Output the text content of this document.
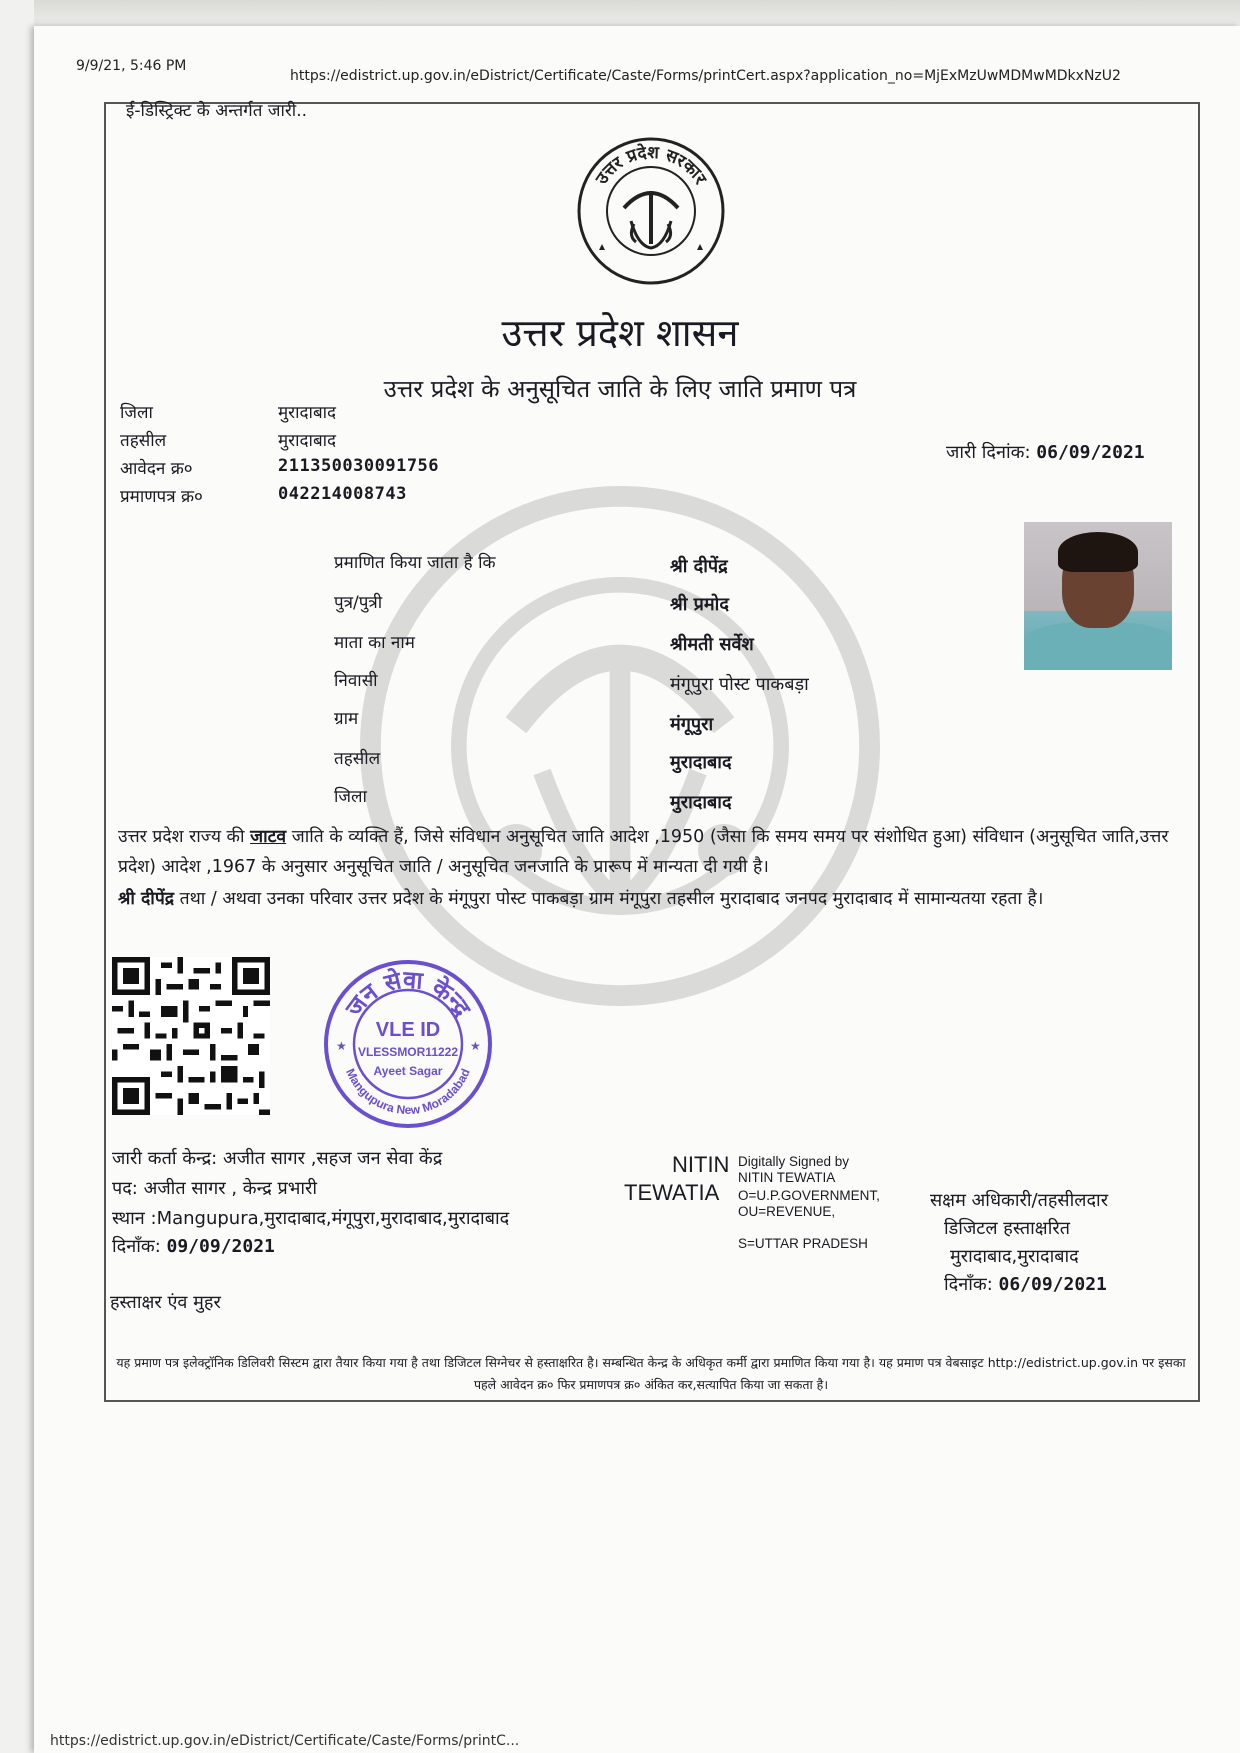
9/9/21, 5:46 PM
https://edistrict.up.gov.in/eDistrict/Certificate/Caste/Forms/printCert.aspx?application_no=MjExMzUwMDMwMDkxNzU2
ई-डिस्ट्रिक्ट के अन्तर्गत जारी..
उत्तर प्रदेश सरकार
उत्तर प्रदेश शासन
उत्तर प्रदेश के अनुसूचित जाति के लिए जाति प्रमाण पत्र
जिला	मुरादाबाद
तहसील	मुरादाबाद
आवेदन क्र०	211350030091756
प्रमाणपत्र क्र०	042214008743
जारी दिनांक: 06/09/2021
प्रमाणित किया जाता है कि	श्री दीपेंद्र
पुत्र/पुत्री	श्री प्रमोद
माता का नाम	श्रीमती सर्वेश
निवासी	मंगूपुरा पोस्ट पाकबड़ा
ग्राम	मंगूपुरा
तहसील	मुरादाबाद
जिला	मुरादाबाद
उत्तर प्रदेश राज्य की जाटव जाति के व्यक्ति हैं, जिसे संविधान अनुसूचित जाति आदेश ,1950 (जैसा कि समय समय पर संशोधित हुआ) संविधान (अनुसूचित जाति,उत्तर प्रदेश) आदेश ,1967 के अनुसार अनुसूचित जाति / अनुसूचित जनजाति के प्रारूप में मान्यता दी गयी है।
श्री दीपेंद्र तथा / अथवा उनका परिवार उत्तर प्रदेश के मंगूपुरा पोस्ट पाकबड़ा ग्राम मंगूपुरा तहसील मुरादाबाद जनपद मुरादाबाद में सामान्यतया रहता है।
जन सेवा केन्द्र
Mangupura New Moradabad
VLE ID
VLESSMOR11222
Ayeet Sagar
★	★
जारी कर्ता केन्द्र: अजीत सागर ,सहज जन सेवा केंद्र
पद: अजीत सागर , केन्द्र प्रभारी
स्थान :Mangupura,मुरादाबाद,मंगूपुरा,मुरादाबाद,मुरादाबाद
दिनाँक: 09/09/2021
NITIN
TEWATIA
Digitally Signed by
NITIN TEWATIA
O=U.P.GOVERNMENT,
OU=REVENUE,
S=UTTAR PRADESH
सक्षम अधिकारी/तहसीलदार
डिजिटल हस्ताक्षरित
मुरादाबाद,मुरादाबाद
दिनाँक: 06/09/2021
हस्ताक्षर एंव मुहर
यह प्रमाण पत्र इलेक्ट्रॉनिक डिलिवरी सिस्टम द्वारा तैयार किया गया है तथा डिजिटल सिग्नेचर से हस्ताक्षरित है। सम्बन्धित केन्द्र के अधिकृत कर्मी द्वारा प्रमाणित किया गया है। यह प्रमाण पत्र वेबसाइट http://edistrict.up.gov.in पर इसका पहले आवेदन क्र० फिर प्रमाणपत्र क्र० अंकित कर,सत्यापित किया जा सकता है।
https://edistrict.up.gov.in/eDistrict/Certificate/Caste/Forms/printC...
